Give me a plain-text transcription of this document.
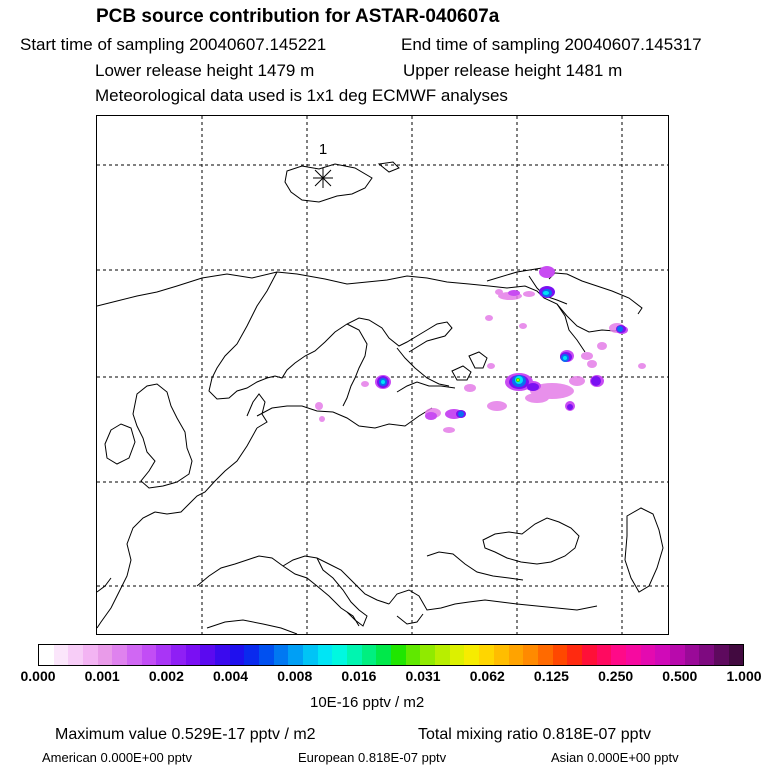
PCB source contribution for ASTAR-040607a
Start time of sampling 20040607.145221	End time of sampling 20040607.145317
Lower release height 1479 m	Upper release height 1481 m
Meteorological data used is 1x1 deg ECMWF analyses
1
0.000 0.001 0.002 0.004 0.008 0.016 0.031 0.062 0.125 0.250 0.500 1.000
10E-16 pptv / m2
Maximum value 0.529E-17 pptv / m2	Total mixing ratio 0.818E-07 pptv
American 0.000E+00 pptv	European 0.818E-07 pptv	Asian 0.000E+00 pptv
